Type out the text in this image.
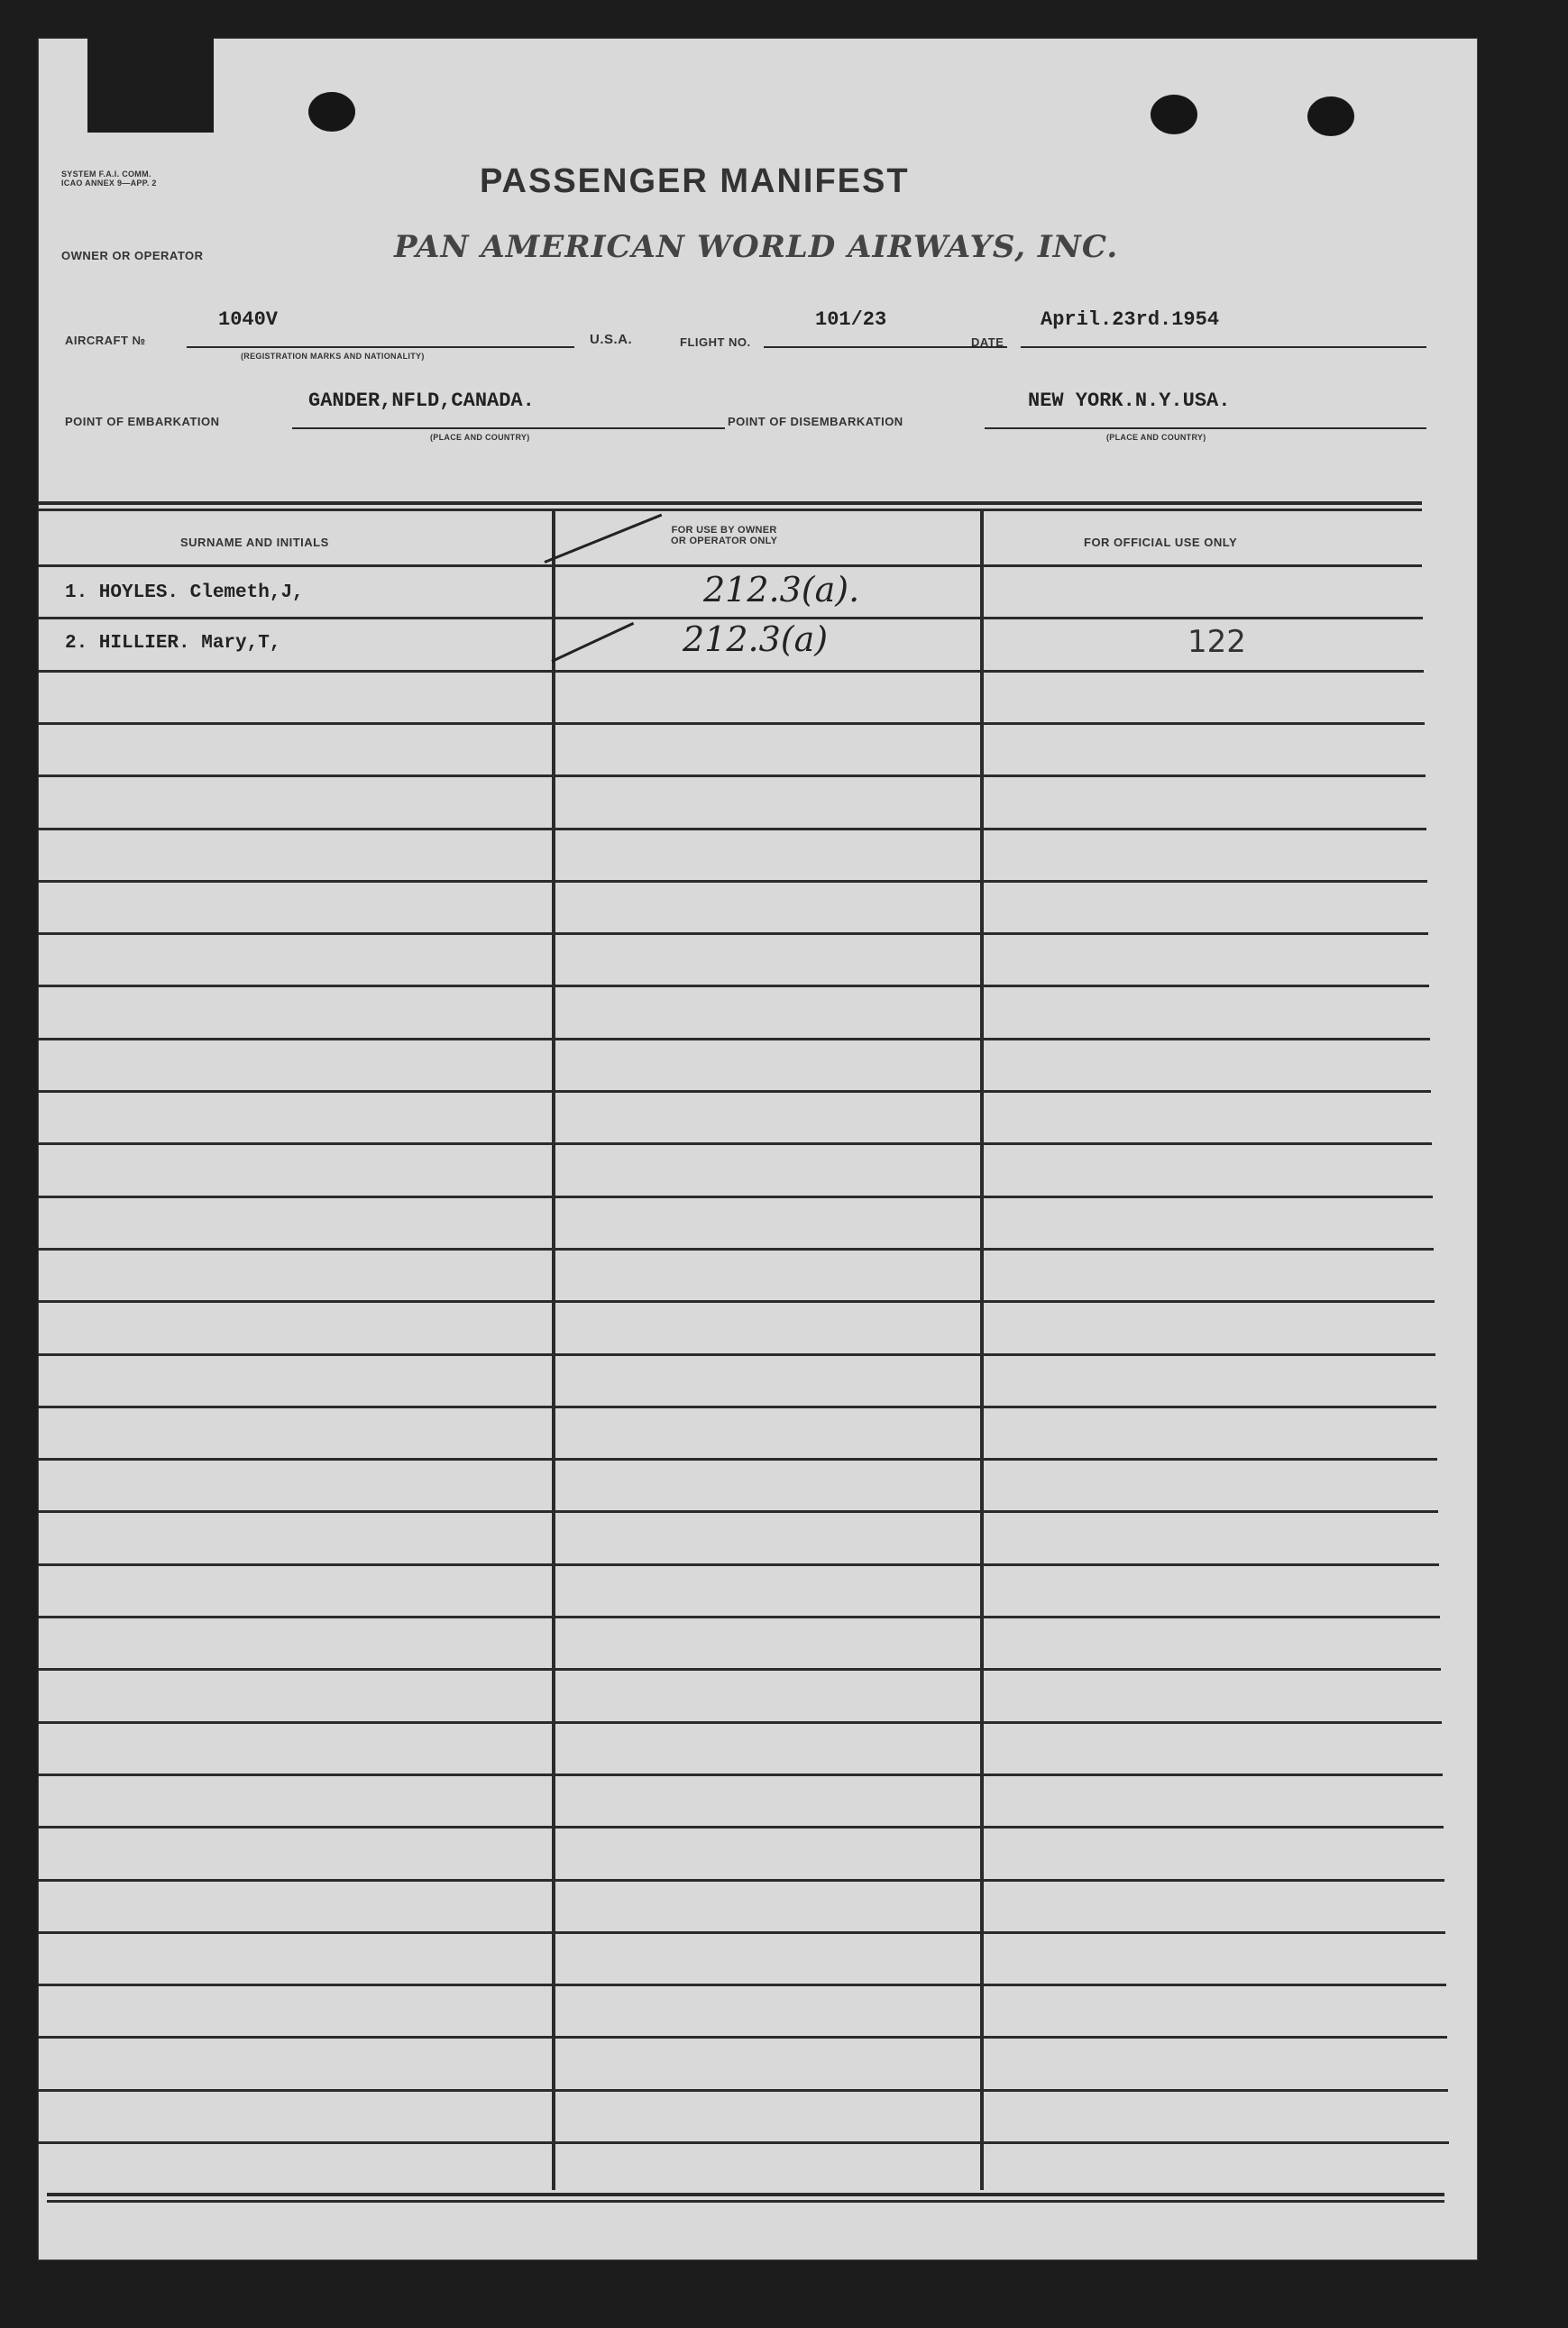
SYSTEM F.A.I. COMM.
ICAO ANNEX 9—APP. 2	PASSENGER MANIFEST
OWNER OR OPERATOR	PAN AMERICAN WORLD AIRWAYS, INC.
AIRCRAFT №
1040V
(REGISTRATION MARKS AND NATIONALITY)
U.S.A.	FLIGHT NO.
101/23
DATE
April.23rd.1954
POINT OF EMBARKATION
GANDER,NFLD,CANADA.
(PLACE AND COUNTRY)
POINT OF DISEMBARKATION
NEW YORK.N.Y.USA.
(PLACE AND COUNTRY)
SURNAME AND INITIALS
FOR USE BY OWNER
OR OPERATOR ONLY	FOR OFFICIAL USE ONLY
1. HOYLES. Clemeth,J,	212.3(a).
2. HILLIER. Mary,T,	212.3(a)	122
